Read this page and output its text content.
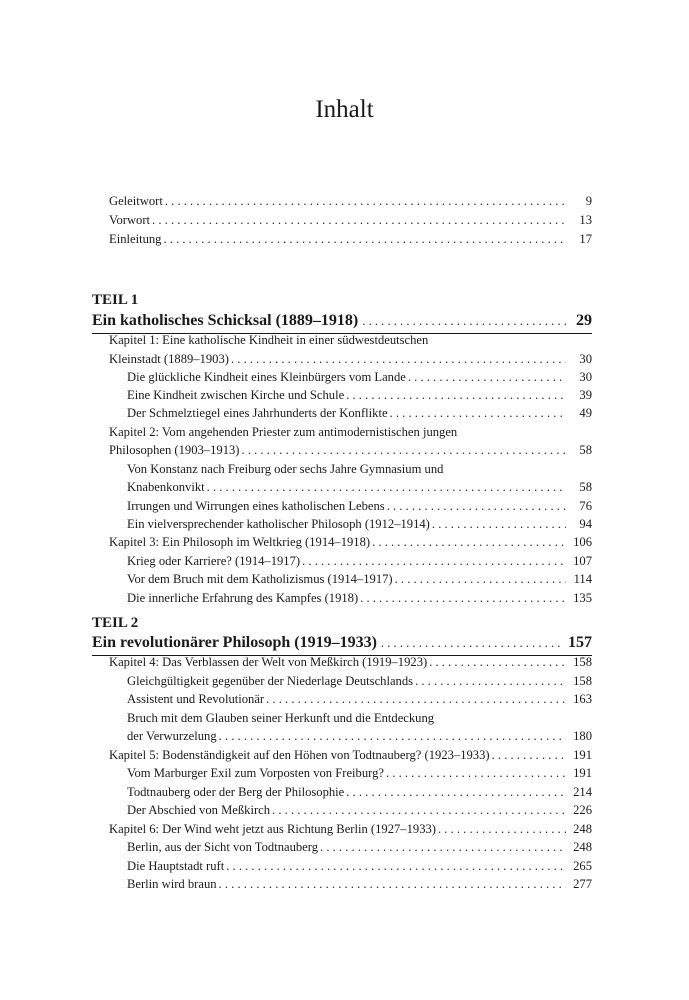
Inhalt
Geleitwort . . .	9
Vorwort . . .	13
Einleitung . . .	17
TEIL 1
Ein katholisches Schicksal (1889–1918) . . .	29
Kapitel 1: Eine katholische Kindheit in einer südwestdeutschen
Kleinstadt (1889–1903) . . .	30
Die glückliche Kindheit eines Kleinbürgers vom Lande . . .	30
Eine Kindheit zwischen Kirche und Schule . . .	39
Der Schmelztiegel eines Jahrhunderts der Konflikte . . .	49
Kapitel 2: Vom angehenden Priester zum antimodernistischen jungen
Philosophen (1903–1913) . . .	58
Von Konstanz nach Freiburg oder sechs Jahre Gymnasium und
Knabenkonvikt . . .	58
Irrungen und Wirrungen eines katholischen Lebens . . .	76
Ein vielversprechender katholischer Philosoph (1912–1914) . . .	94
Kapitel 3: Ein Philosoph im Weltkrieg (1914–1918) . . .	106
Krieg oder Karriere? (1914–1917) . . .	107
Vor dem Bruch mit dem Katholizismus (1914–1917) . . .	114
Die innerliche Erfahrung des Kampfes (1918) . . .	135
TEIL 2
Ein revolutionärer Philosoph (1919–1933) . . .	157
Kapitel 4: Das Verblassen der Welt von Meßkirch (1919–1923) . . .	158
Gleichgültigkeit gegenüber der Niederlage Deutschlands . . .	158
Assistent und Revolutionär . . .	163
Bruch mit dem Glauben seiner Herkunft und die Entdeckung
der Verwurzelung . . .	180
Kapitel 5: Bodenständigkeit auf den Höhen von Todtnauberg? (1923–1933) . . .	191
Vom Marburger Exil zum Vorposten von Freiburg? . . .	191
Todtnauberg oder der Berg der Philosophie . . .	214
Der Abschied von Meßkirch . . .	226
Kapitel 6: Der Wind weht jetzt aus Richtung Berlin (1927–1933) . . .	248
Berlin, aus der Sicht von Todtnauberg . . .	248
Die Hauptstadt ruft . . .	265
Berlin wird braun . . .	277
